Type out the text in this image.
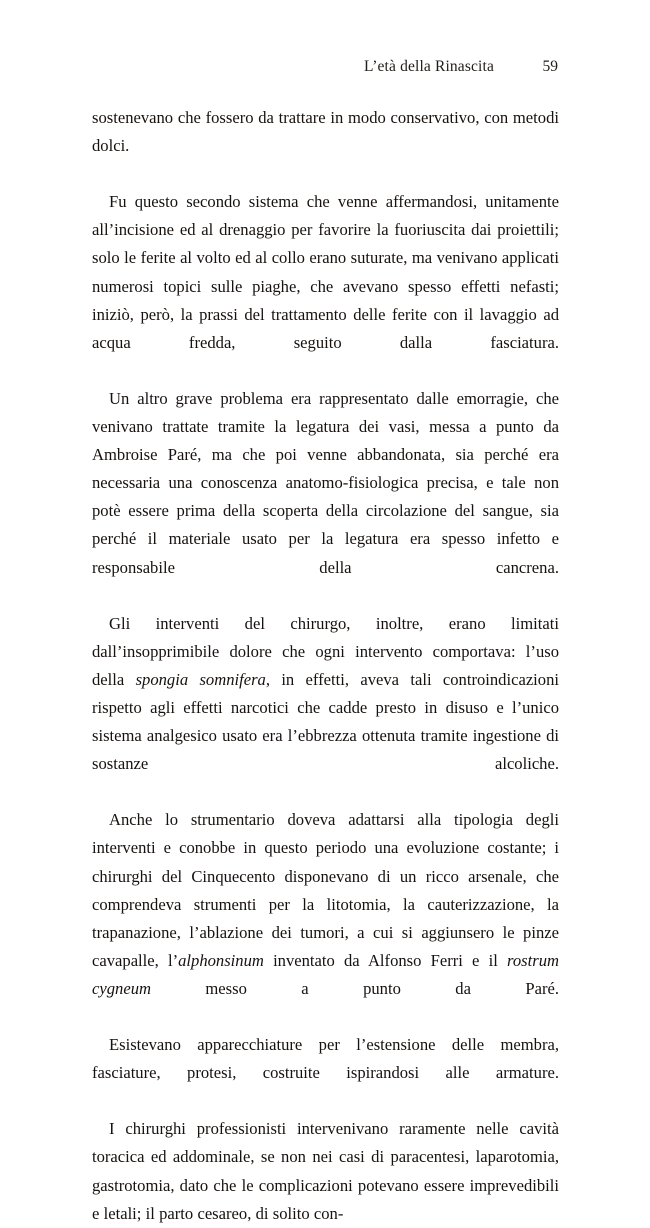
L’età della Rinascita	59

sostenevano che fossero da trattare in modo conservativo, con metodi dolci.

Fu questo secondo sistema che venne affermandosi, unitamente all’incisione ed al drenaggio per favorire la fuoriuscita dai proiettili; solo le ferite al volto ed al collo erano suturate, ma venivano applicati numerosi topici sulle piaghe, che avevano spesso effetti nefasti; iniziò, però, la prassi del trattamento delle ferite con il lavaggio ad acqua fredda, seguito dalla fasciatura.

Un altro grave problema era rappresentato dalle emorragie, che venivano trattate tramite la legatura dei vasi, messa a punto da Ambroise Paré, ma che poi venne abbandonata, sia perché era necessaria una conoscenza anatomo-fisiologica precisa, e tale non potè essere prima della scoperta della circolazione del sangue, sia perché il materiale usato per la legatura era spesso infetto e responsabile della cancrena.

Gli interventi del chirurgo, inoltre, erano limitati dall’insopprimibile dolore che ogni intervento comportava: l’uso della spongia somnifera, in effetti, aveva tali controindicazioni rispetto agli effetti narcotici che cadde presto in disuso e l’unico sistema analgesico usato era l’ebbrezza ottenuta tramite ingestione di sostanze alcoliche.

Anche lo strumentario doveva adattarsi alla tipologia degli interventi e conobbe in questo periodo una evoluzione costante; i chirurghi del Cinquecento disponevano di un ricco arsenale, che comprendeva strumenti per la litotomia, la cauterizzazione, la trapanazione, l’ablazione dei tumori, a cui si aggiunsero le pinze cavapalle, l’alphonsinum inventato da Alfonso Ferri e il rostrum cygneum messo a punto da Paré.

Esistevano apparecchiature per l’estensione delle membra, fasciature, protesi, costruite ispirandosi alle armature.

I chirurghi professionisti intervenivano raramente nelle cavità toracica ed addominale, se non nei casi di paracentesi, laparotomia, gastrotomia, dato che le complicazioni potevano essere imprevedibili e letali; il parto cesareo, di solito con-
